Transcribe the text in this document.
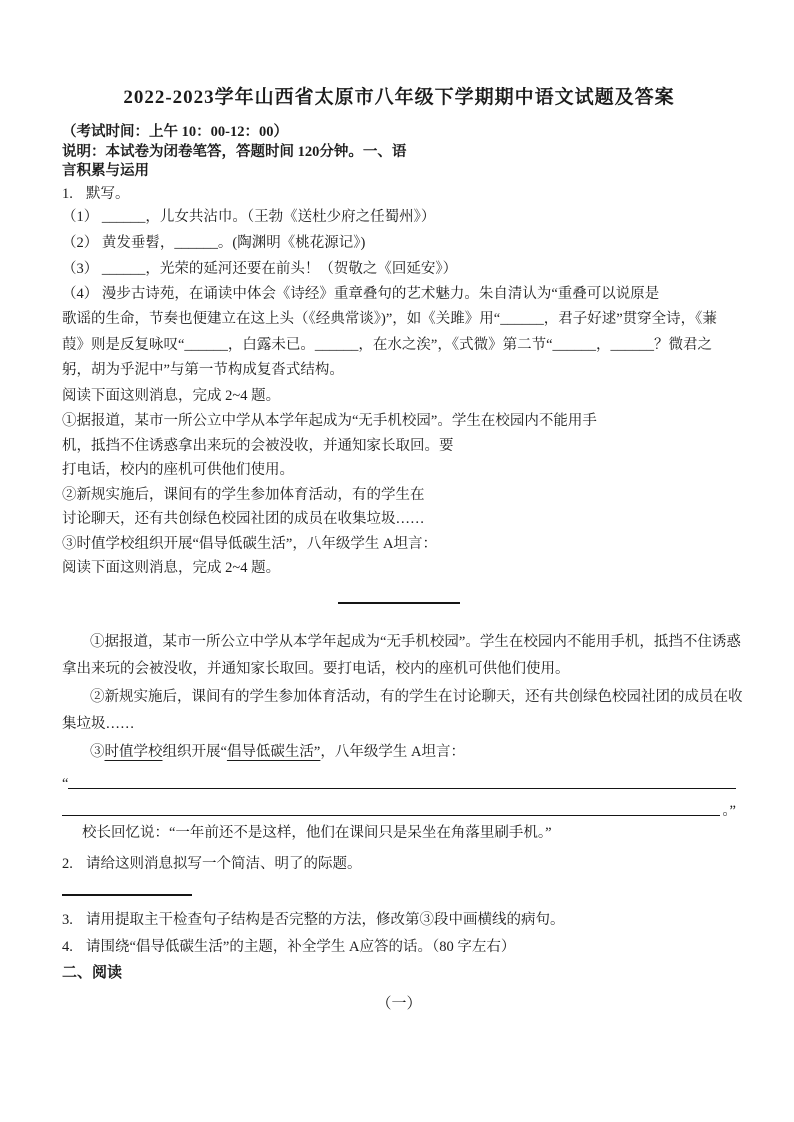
2022-2023学年山西省太原市八年级下学期期中语文试题及答案
（考试时间：上午 10：00-12：00）
说明：本试卷为闭卷笔答，答题时间 120分钟。一、语
言积累与运用
1. 默写。
（1） ______，儿女共沾巾。（王勃《送杜少府之任蜀州》）
（2） 黄发垂髫，______。(陶渊明《桃花源记》)
（3） ______，光荣的延河还要在前头！（贺敬之《回延安》）
（4） 漫步古诗苑，在诵读中体会《诗经》重章叠句的艺术魅力。朱自清认为“重叠可以说原是
歌谣的生命，节奏也便建立在这上头（《经典常谈》)”，如《关雎》用“______，君子好逑”贯穿全诗，《蒹
葭》则是反复咏叹“______，白露未已。______，在水之涘”，《式微》第二节“______，______？微君之
躬，胡为乎泥中”与第一节构成复沓式结构。
阅读下面这则消息，完成 2~4 题。
①据报道，某市一所公立中学从本学年起成为“无手机校园”。学生在校园内不能用手
机，抵挡不住诱惑拿出来玩的会被没收，并通知家长取回。要
打电话，校内的座机可供他们使用。
②新规实施后，课间有的学生参加体育活动，有的学生在
讨论聊天，还有共创绿色校园社团的成员在收集垃圾……
③时值学校组织开展“倡导低碳生活”，八年级学生 A坦言：
阅读下面这则消息，完成 2~4 题。
①据报道，某市一所公立中学从本学年起成为“无手机校园”。学生在校园内不能用手机，抵挡不住诱惑
拿出来玩的会被没收，并通知家长取回。要打电话，校内的座机可供他们使用。
②新规实施后，课间有的学生参加体育活动，有的学生在讨论聊天，还有共创绿色校园社团的成员在收
集垃圾……
③时值学校组织开展“倡导低碳生活”，八年级学生 A坦言：
“
。”
校长回忆说：“一年前还不是这样，他们在课间只是呆坐在角落里刷手机。”
2. 请给这则消息拟写一个简洁、明了的际题。
3. 请用提取主干检查句子结构是否完整的方法，修改第③段中画横线的病句。
4. 请围绕“倡导低碳生活”的主题，补全学生 A应答的话。（80 字左右）
二、阅读
（一）
